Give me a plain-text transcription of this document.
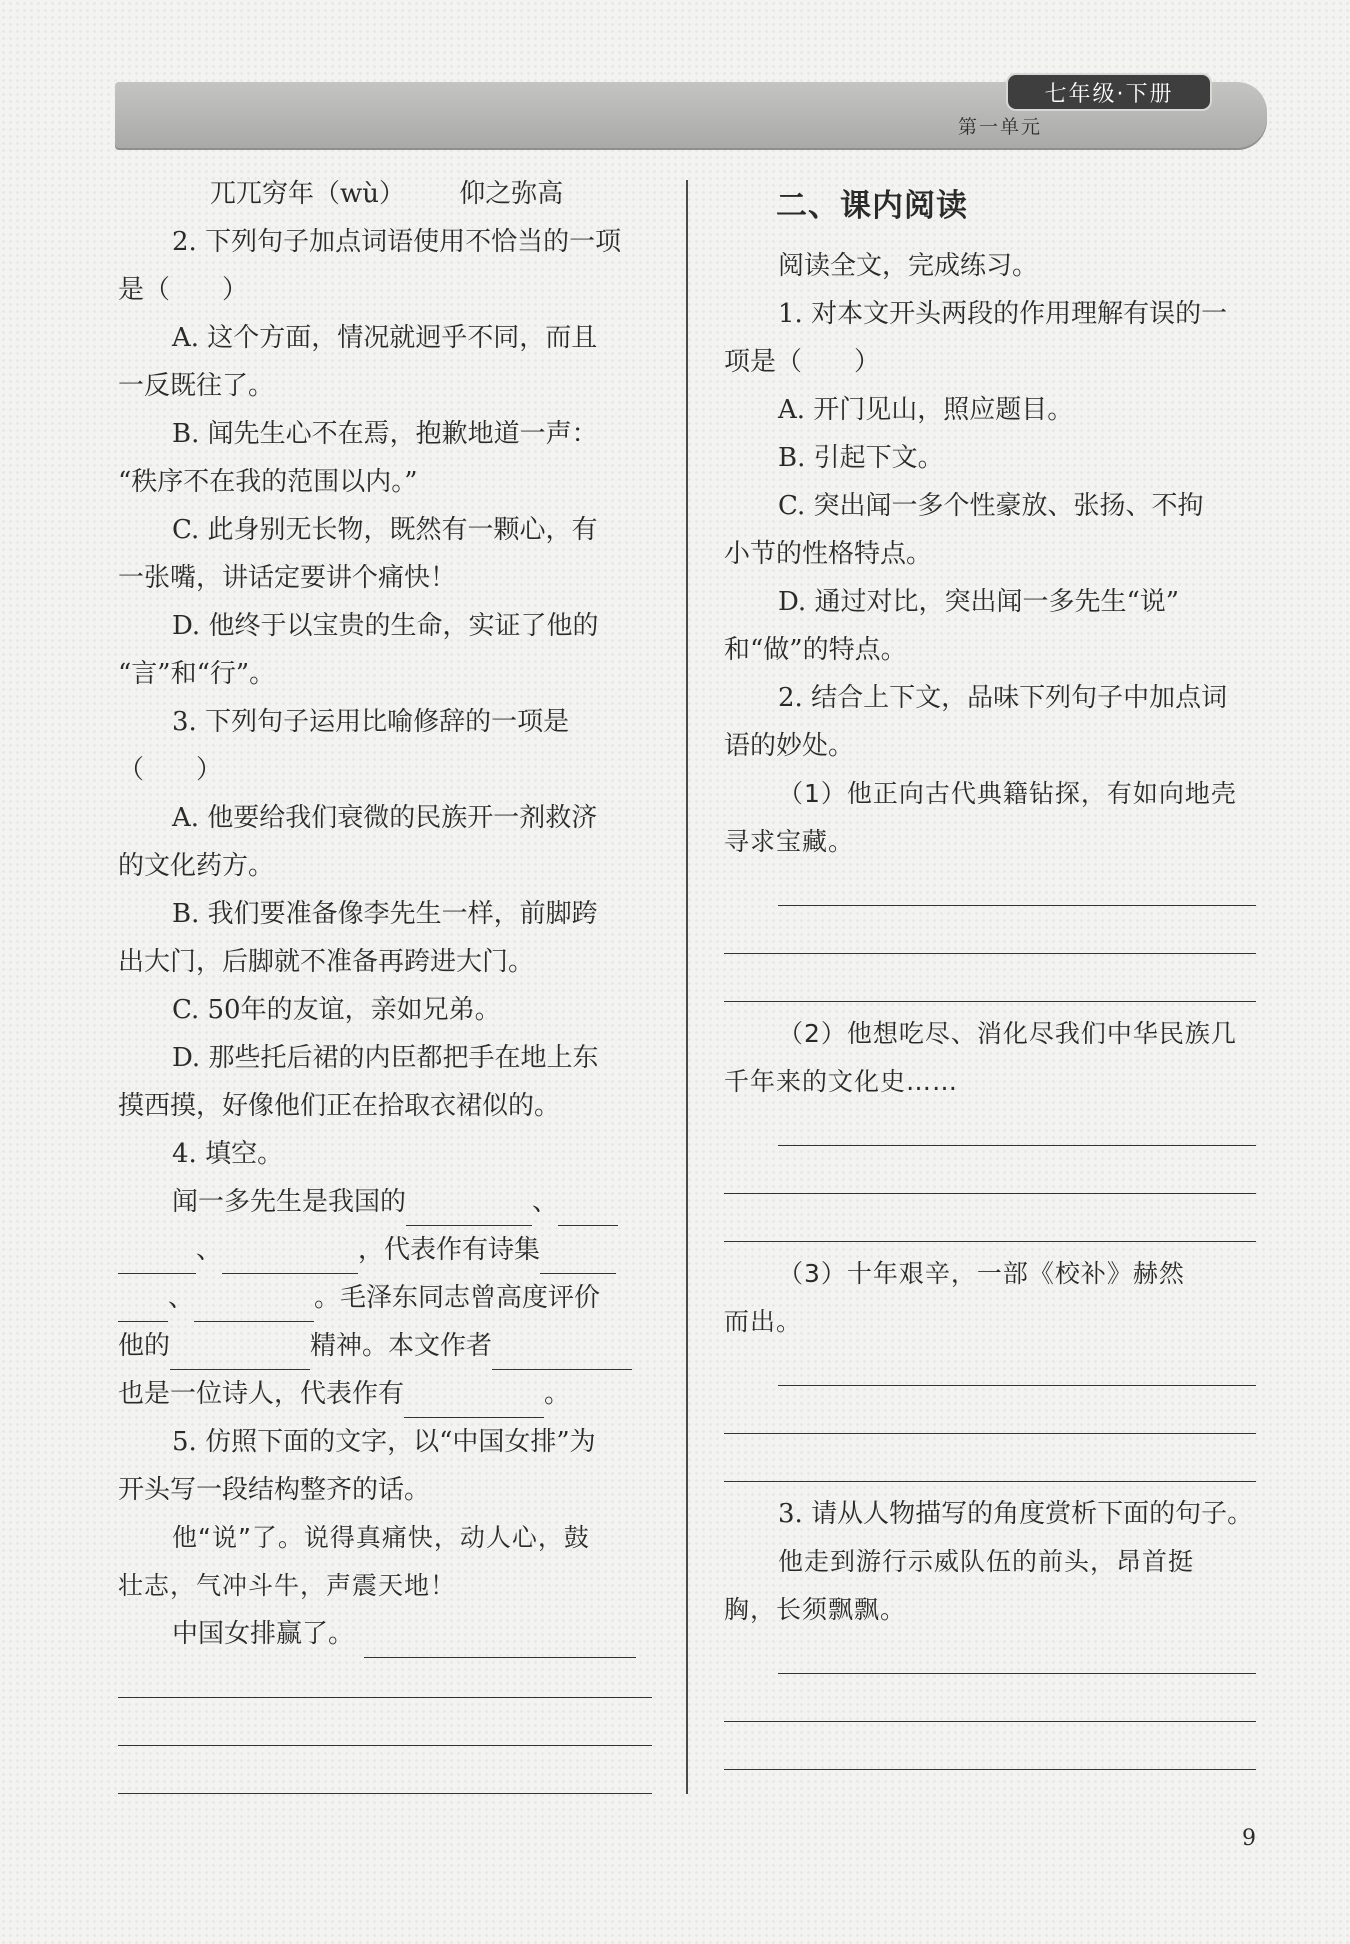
七年级·下册
第一单元
兀兀穷年（wù） 仰之弥高
2. 下列句子加点词语使用不恰当的一项
是（　　）
A. 这个方面，情况就迥乎不同，而且
一反既往了。
B. 闻先生心不在焉，抱歉地道一声：
“秩序不在我的范围以内。”
C. 此身别无长物，既然有一颗心，有
一张嘴，讲话定要讲个痛快！
D. 他终于以宝贵的生命，实证了他的
“言”和“行”。
3. 下列句子运用比喻修辞的一项是
（　　）
A. 他要给我们衰微的民族开一剂救济
的文化药方。
B. 我们要准备像李先生一样，前脚跨
出大门，后脚就不准备再跨进大门。
C. 50年的友谊，亲如兄弟。
D. 那些托后裙的内臣都把手在地上东
摸西摸，好像他们正在拾取衣裙似的。
4. 填空。
闻一多先生是我国的	、
、	，代表作有诗集
、	。毛泽东同志曾高度评价
他的	精神。本文作者
也是一位诗人，代表作有	。
5. 仿照下面的文字，以“中国女排”为
开头写一段结构整齐的话。
他“说”了。说得真痛快，动人心，鼓
壮志，气冲斗牛，声震天地！
中国女排赢了。
二、课内阅读
阅读全文，完成练习。
1. 对本文开头两段的作用理解有误的一
项是（　　）
A. 开门见山，照应题目。
B. 引起下文。
C. 突出闻一多个性豪放、张扬、不拘
小节的性格特点。
D. 通过对比，突出闻一多先生“说”
和“做”的特点。
2. 结合上下文，品味下列句子中加点词
语的妙处。
（1）他正向古代典籍钻探，有如向地壳
寻求宝藏。
（2）他想吃尽、消化尽我们中华民族几
千年来的文化史……
（3）十年艰辛，一部《校补》赫然
而出。
3. 请从人物描写的角度赏析下面的句子。
他走到游行示威队伍的前头，昂首挺
胸，长须飘飘。
9
